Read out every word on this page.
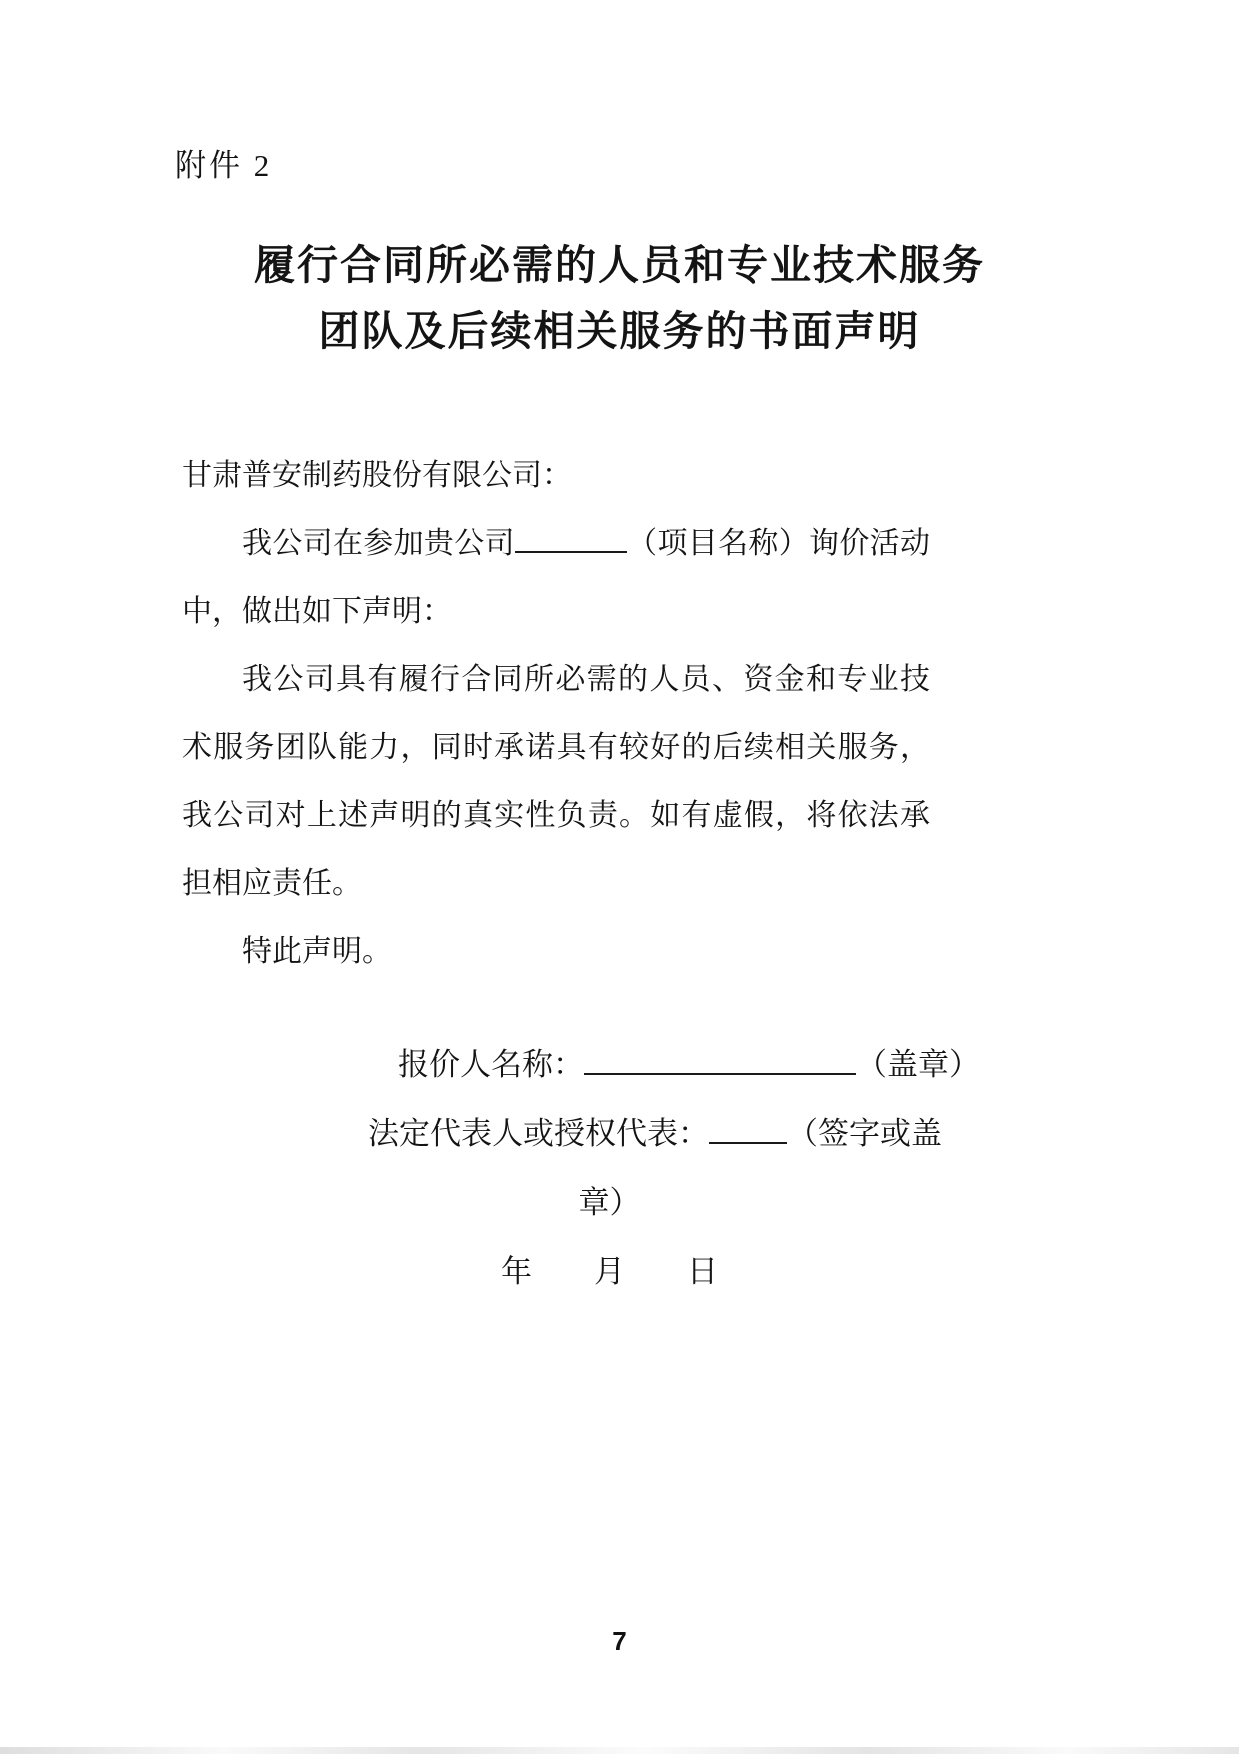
附件 2
履行合同所必需的人员和专业技术服务
团队及后续相关服务的书面声明

甘肃普安制药股份有限公司：

我公司在参加贵公司	（项目名称）询价活动中，做出如下声明：

我公司具有履行合同所必需的人员、资金和专业技术服务团队能力，同时承诺具有较好的后续相关服务，我公司对上述声明的真实性负责。如有虚假，将依法承担相应责任。

特此声明。

报价人名称：	（盖章）
法定代表人或授权代表：	（签字或盖
章）
年　　月　　日
7
